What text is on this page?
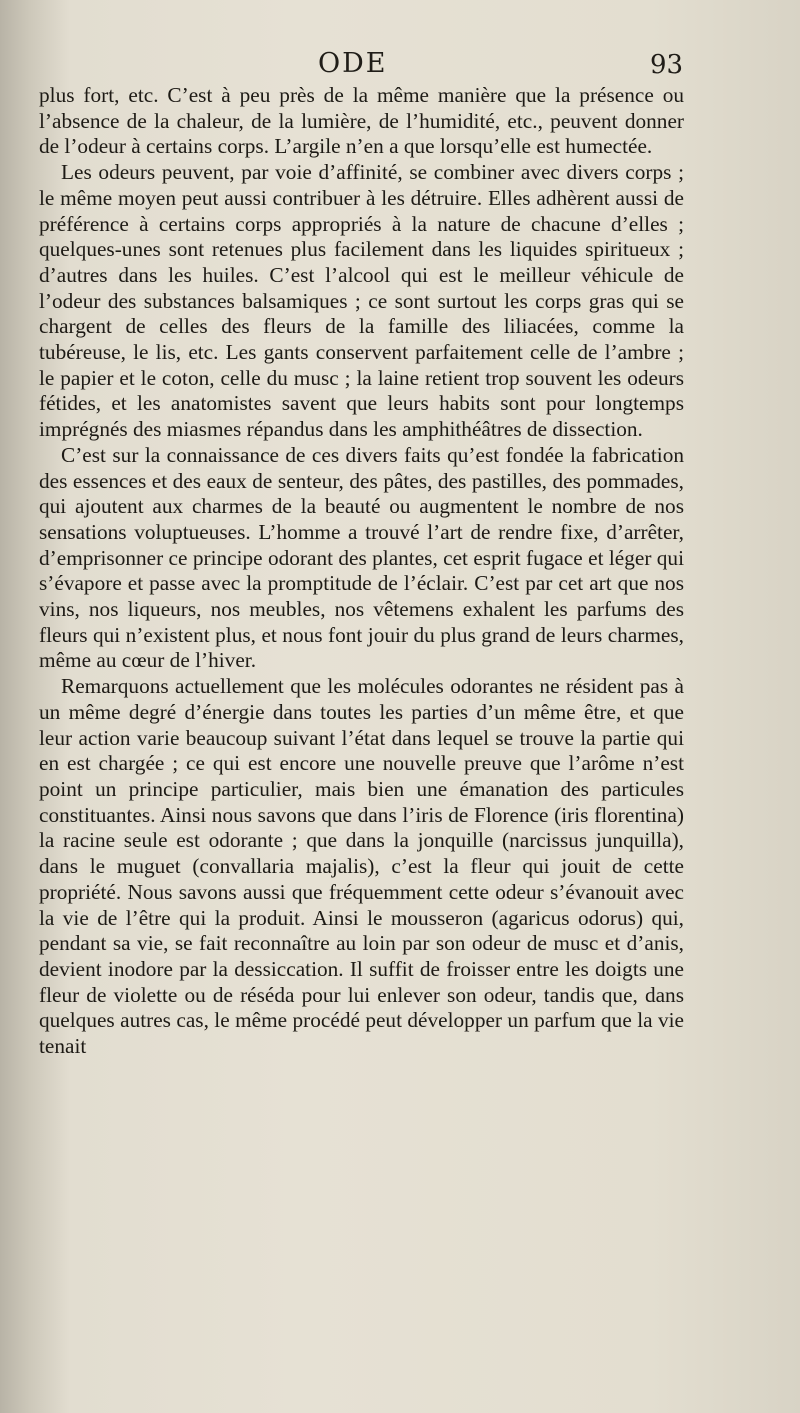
ODE	93

plus fort, etc. C’est à peu près de la même manière que la présence ou l’absence de la chaleur, de la lumière, de l’humidité, etc., peuvent donner de l’odeur à certains corps. L’argile n’en a que lorsqu’elle est humectée.

Les odeurs peuvent, par voie d’affinité, se combiner avec divers corps ; le même moyen peut aussi contribuer à les détruire. Elles adhèrent aussi de préférence à certains corps appropriés à la nature de chacune d’elles ; quelques-unes sont retenues plus facilement dans les liquides spiritueux ; d’autres dans les huiles. C’est l’alcool qui est le meilleur véhicule de l’odeur des substances balsamiques ; ce sont surtout les corps gras qui se chargent de celles des fleurs de la famille des liliacées, comme la tubéreuse, le lis, etc. Les gants conservent parfaitement celle de l’ambre ; le papier et le coton, celle du musc ; la laine retient trop souvent les odeurs fétides, et les anatomistes savent que leurs habits sont pour longtemps imprégnés des miasmes répandus dans les amphithéâtres de dissection.

C’est sur la connaissance de ces divers faits qu’est fondée la fabrication des essences et des eaux de senteur, des pâtes, des pastilles, des pommades, qui ajoutent aux charmes de la beauté ou augmentent le nombre de nos sensations voluptueuses. L’homme a trouvé l’art de rendre fixe, d’arrêter, d’emprisonner ce principe odorant des plantes, cet esprit fugace et léger qui s’évapore et passe avec la promptitude de l’éclair. C’est par cet art que nos vins, nos liqueurs, nos meubles, nos vêtemens exhalent les parfums des fleurs qui n’existent plus, et nous font jouir du plus grand de leurs charmes, même au cœur de l’hiver.

Remarquons actuellement que les molécules odorantes ne résident pas à un même degré d’énergie dans toutes les parties d’un même être, et que leur action varie beaucoup suivant l’état dans lequel se trouve la partie qui en est chargée ; ce qui est encore une nouvelle preuve que l’arôme n’est point un principe particulier, mais bien une émanation des particules constituantes. Ainsi nous savons que dans l’iris de Florence (iris florentina) la racine seule est odorante ; que dans la jonquille (narcissus junquilla), dans le muguet (convallaria majalis), c’est la fleur qui jouit de cette propriété. Nous savons aussi que fréquemment cette odeur s’évanouit avec la vie de l’être qui la produit. Ainsi le mousseron (agaricus odorus) qui, pendant sa vie, se fait reconnaître au loin par son odeur de musc et d’anis, devient inodore par la dessiccation. Il suffit de froisser entre les doigts une fleur de violette ou de réséda pour lui enlever son odeur, tandis que, dans quelques autres cas, le même procédé peut développer un parfum que la vie tenait
